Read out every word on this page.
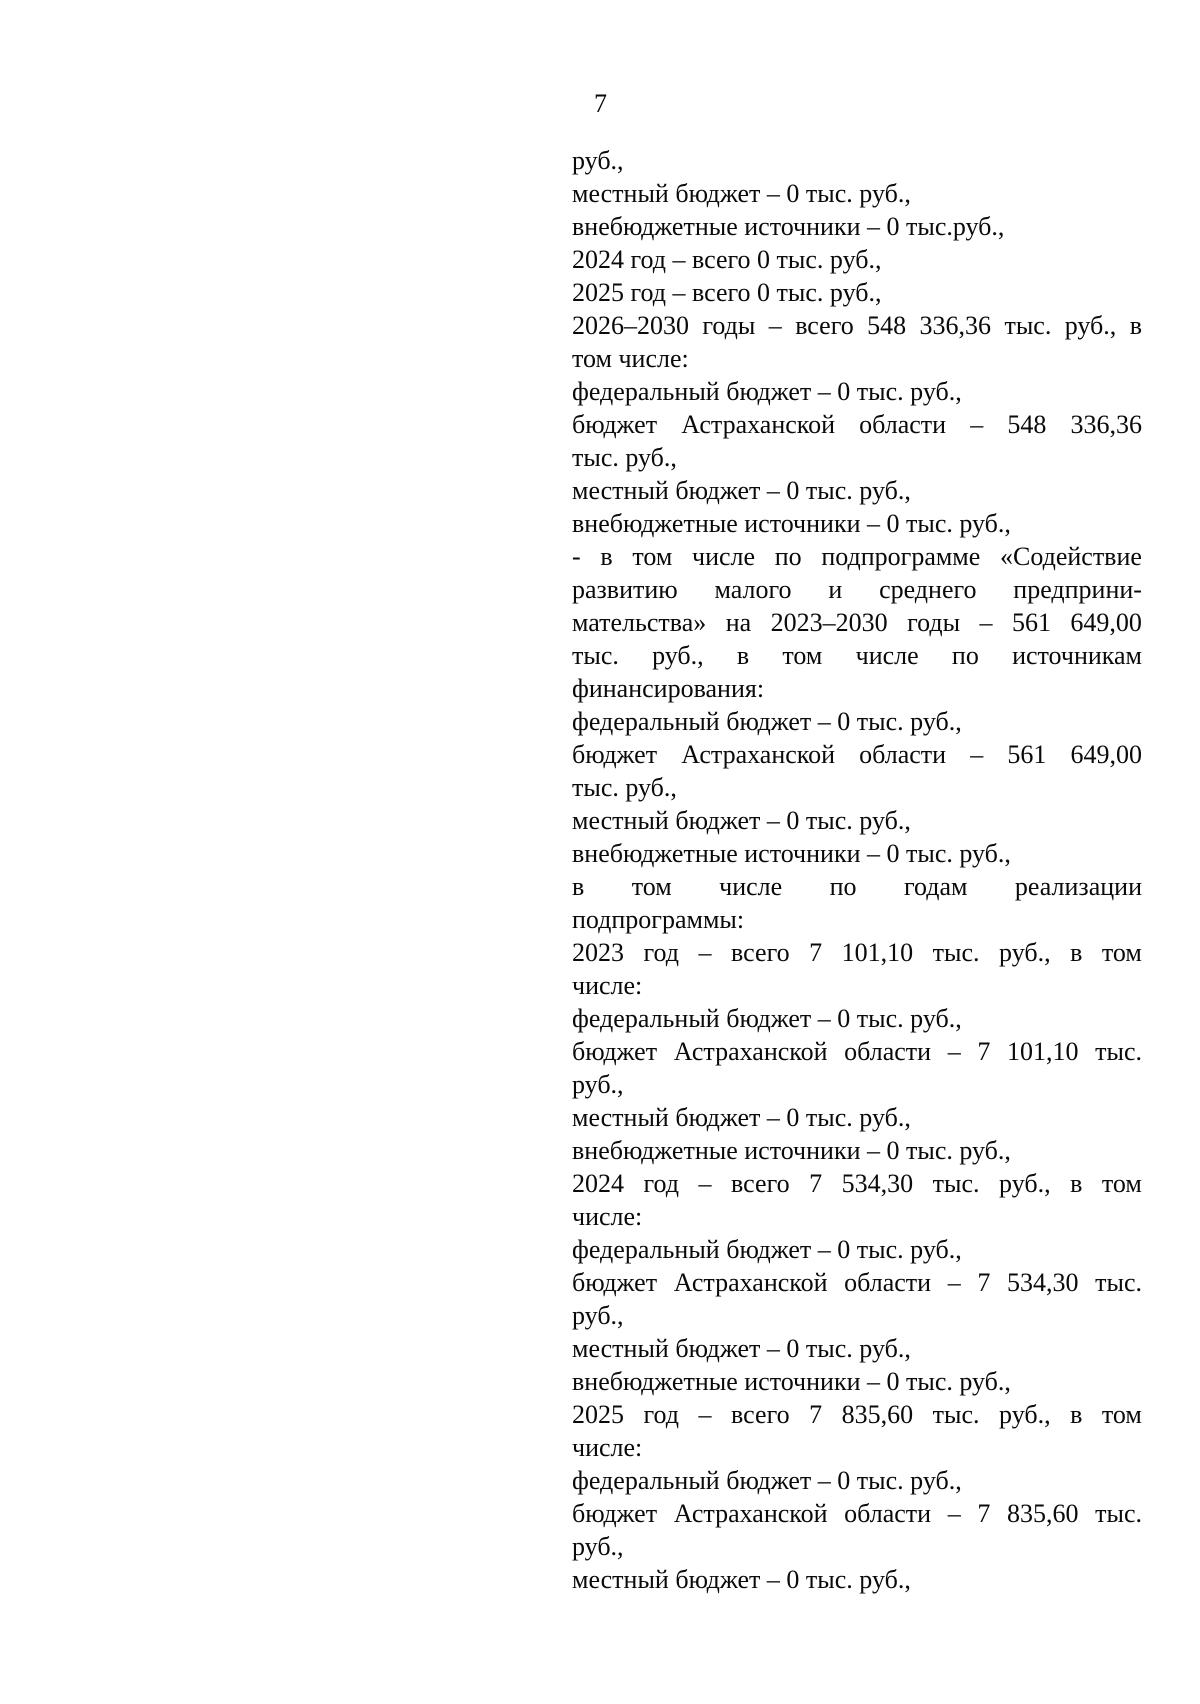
7
руб.,
местный бюджет – 0 тыс. руб.,
внебюджетные источники – 0 тыс.руб.,
2024 год – всего 0 тыс. руб.,
2025 год – всего 0 тыс. руб.,
2026–2030 годы – всего 548 336,36 тыс. руб., в
том числе:
федеральный бюджет – 0 тыс. руб.,
бюджет Астраханской области – 548 336,36
тыс. руб.,
местный бюджет – 0 тыс. руб.,
внебюджетные источники – 0 тыс. руб.,
- в том числе по подпрограмме «Содействие
развитию малого и среднего предприни-
мательства» на 2023–2030 годы – 561 649,00
тыс. руб., в том числе по источникам
финансирования:
федеральный бюджет – 0 тыс. руб.,
бюджет Астраханской области – 561 649,00
тыс. руб.,
местный бюджет – 0 тыс. руб.,
внебюджетные источники – 0 тыс. руб.,
в том числе по годам реализации
подпрограммы:
2023 год – всего 7 101,10 тыс. руб., в том
числе:
федеральный бюджет – 0 тыс. руб.,
бюджет Астраханской области – 7 101,10 тыс.
руб.,
местный бюджет – 0 тыс. руб.,
внебюджетные источники – 0 тыс. руб.,
2024 год – всего 7 534,30 тыс. руб., в том
числе:
федеральный бюджет – 0 тыс. руб.,
бюджет Астраханской области – 7 534,30 тыс.
руб.,
местный бюджет – 0 тыс. руб.,
внебюджетные источники – 0 тыс. руб.,
2025 год – всего 7 835,60 тыс. руб., в том
числе:
федеральный бюджет – 0 тыс. руб.,
бюджет Астраханской области – 7 835,60 тыс.
руб.,
местный бюджет – 0 тыс. руб.,
